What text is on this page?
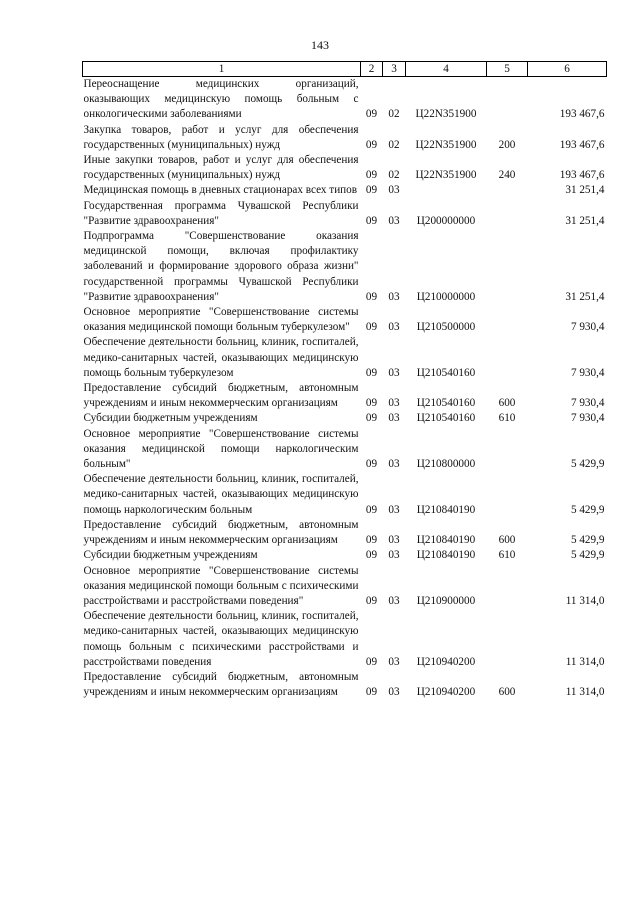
143
1	2	3	4	5	6
Переоснащение медицинских организаций, оказывающих медицинскую помощь больным с онкологическими заболеваниями	09	02	Ц22N351900		193 467,6
Закупка товаров, работ и услуг для обеспечения государственных (муниципальных) нужд	09	02	Ц22N351900	200	193 467,6
Иные закупки товаров, работ и услуг для обеспечения государственных (муниципальных) нужд	09	02	Ц22N351900	240	193 467,6
Медицинская помощь в дневных стационарах всех типов	09	03			31 251,4
Государственная программа Чувашской Республики "Развитие здравоохранения"	09	03	Ц200000000		31 251,4
Подпрограмма "Совершенствование оказания медицинской помощи, включая профилактику заболеваний и формирование здорового образа жизни" государственной программы Чувашской Республики "Развитие здравоохранения"	09	03	Ц210000000		31 251,4
Основное мероприятие "Совершенствование системы оказания медицинской помощи больным туберкулезом"	09	03	Ц210500000		7 930,4
Обеспечение деятельности больниц, клиник, госпиталей, медико-санитарных частей, оказывающих медицинскую помощь больным туберкулезом	09	03	Ц210540160		7 930,4
Предоставление субсидий бюджетным, автономным учреждениям и иным некоммерческим организациям	09	03	Ц210540160	600	7 930,4
Субсидии бюджетным учреждениям	09	03	Ц210540160	610	7 930,4
Основное мероприятие "Совершенствование системы оказания медицинской помощи наркологическим больным"	09	03	Ц210800000		5 429,9
Обеспечение деятельности больниц, клиник, госпиталей, медико-санитарных частей, оказывающих медицинскую помощь наркологическим больным	09	03	Ц210840190		5 429,9
Предоставление субсидий бюджетным, автономным учреждениям и иным некоммерческим организациям	09	03	Ц210840190	600	5 429,9
Субсидии бюджетным учреждениям	09	03	Ц210840190	610	5 429,9
Основное мероприятие "Совершенствование системы оказания медицинской помощи больным с психическими расстройствами и расстройствами поведения"	09	03	Ц210900000		11 314,0
Обеспечение деятельности больниц, клиник, госпиталей, медико-санитарных частей, оказывающих медицинскую помощь больным с психическими расстройствами и расстройствами поведения	09	03	Ц210940200		11 314,0
Предоставление субсидий бюджетным, автономным учреждениям и иным некоммерческим организациям	09	03	Ц210940200	600	11 314,0
